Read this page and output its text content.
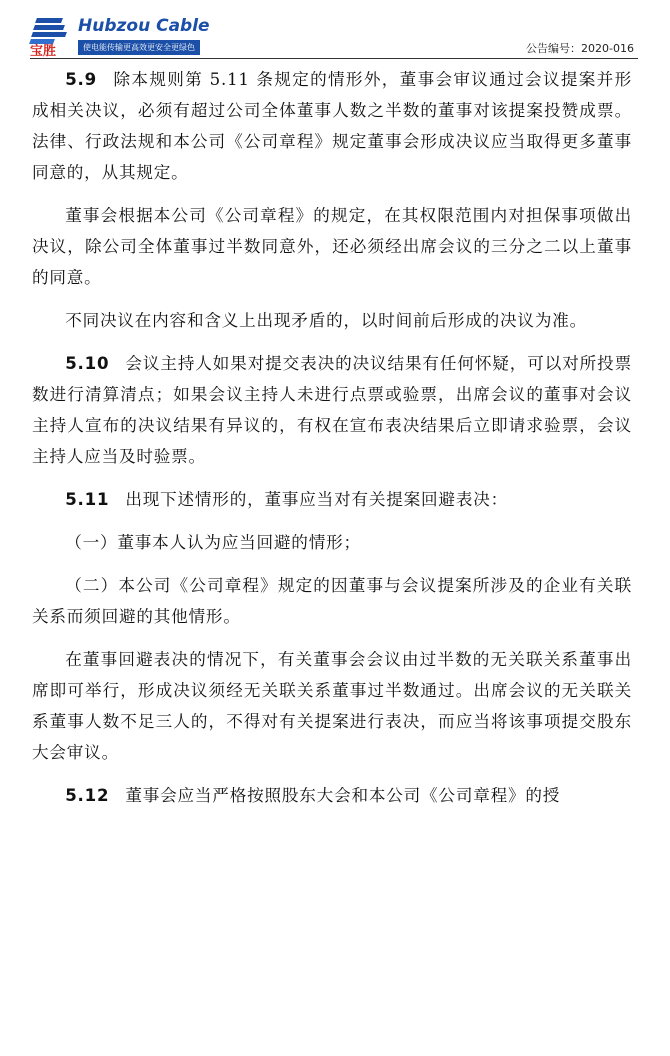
宝胜
Hubzou Cable
使电能传输更高效更安全更绿色	公告编号：2020-016

5.9 除本规则第 5.11 条规定的情形外，董事会审议通过会议提案并形成相关决议，必须有超过公司全体董事人数之半数的董事对该提案投赞成票。法律、行政法规和本公司《公司章程》规定董事会形成决议应当取得更多董事同意的，从其规定。

董事会根据本公司《公司章程》的规定，在其权限范围内对担保事项做出决议，除公司全体董事过半数同意外，还必须经出席会议的三分之二以上董事的同意。

不同决议在内容和含义上出现矛盾的，以时间前后形成的决议为准。

5.10 会议主持人如果对提交表决的决议结果有任何怀疑，可以对所投票数进行清算清点；如果会议主持人未进行点票或验票，出席会议的董事对会议主持人宣布的决议结果有异议的，有权在宣布表决结果后立即请求验票，会议主持人应当及时验票。

5.11 出现下述情形的，董事应当对有关提案回避表决：

（一）董事本人认为应当回避的情形；

（二）本公司《公司章程》规定的因董事与会议提案所涉及的企业有关联关系而须回避的其他情形。

在董事回避表决的情况下，有关董事会会议由过半数的无关联关系董事出席即可举行，形成决议须经无关联关系董事过半数通过。出席会议的无关联关系董事人数不足三人的，不得对有关提案进行表决，而应当将该事项提交股东大会审议。

5.12 董事会应当严格按照股东大会和本公司《公司章程》的授
